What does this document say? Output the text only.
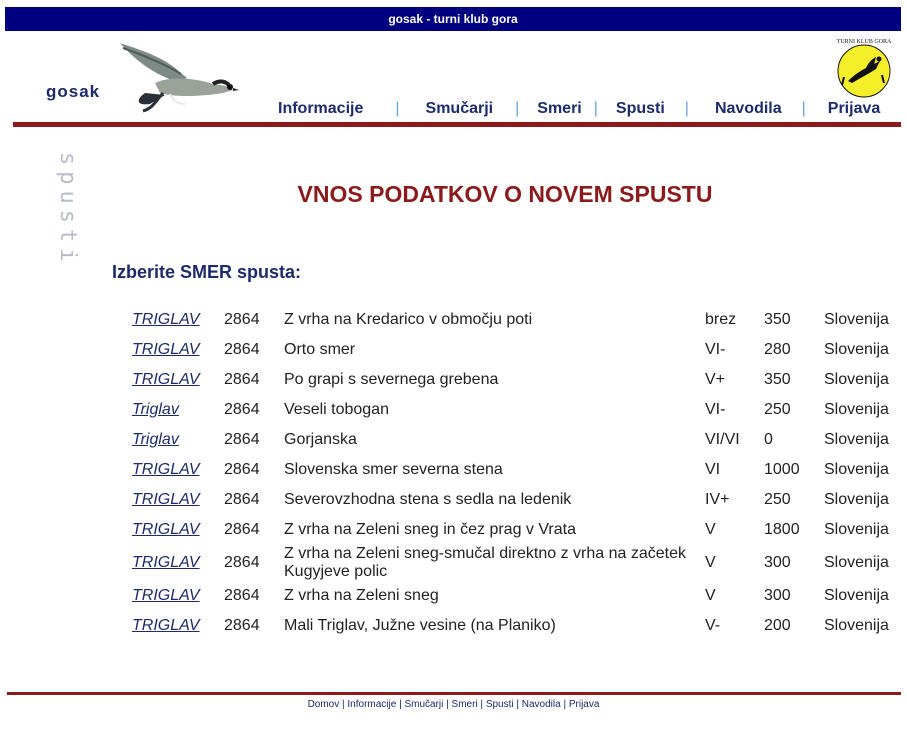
gosak - turni klub gora
gosak
TURNI KLUB GORA
Informacije | Smučarji | Smeri | Spusti | Navodila | Prijava
spusti	VNOS PODATKOV O NOVEM SPUSTU
Izberite SMER spusta:
TRIGLAV	2864	Z vrha na Kredarico v območju poti	brez	350	Slovenija
TRIGLAV	2864	Orto smer	VI-	280	Slovenija
TRIGLAV	2864	Po grapi s severnega grebena	V+	350	Slovenija
Triglav	2864	Veseli tobogan	VI-	250	Slovenija
Triglav	2864	Gorjanska	VI/VI	0	Slovenija
TRIGLAV	2864	Slovenska smer severna stena	VI	1000	Slovenija
TRIGLAV	2864	Severovzhodna stena s sedla na ledenik	IV+	250	Slovenija
TRIGLAV	2864	Z vrha na Zeleni sneg in čez prag v Vrata	V	1800	Slovenija
TRIGLAV	2864	Z vrha na Zeleni sneg-smučal direktno z vrha na začetek Kugyjeve polic	V	300	Slovenija
TRIGLAV	2864	Z vrha na Zeleni sneg	V	300	Slovenija
TRIGLAV	2864	Mali Triglav, Južne vesine (na Planiko)	V-	200	Slovenija
Domov | Informacije | Smučarji | Smeri | Spusti | Navodila | Prijava
